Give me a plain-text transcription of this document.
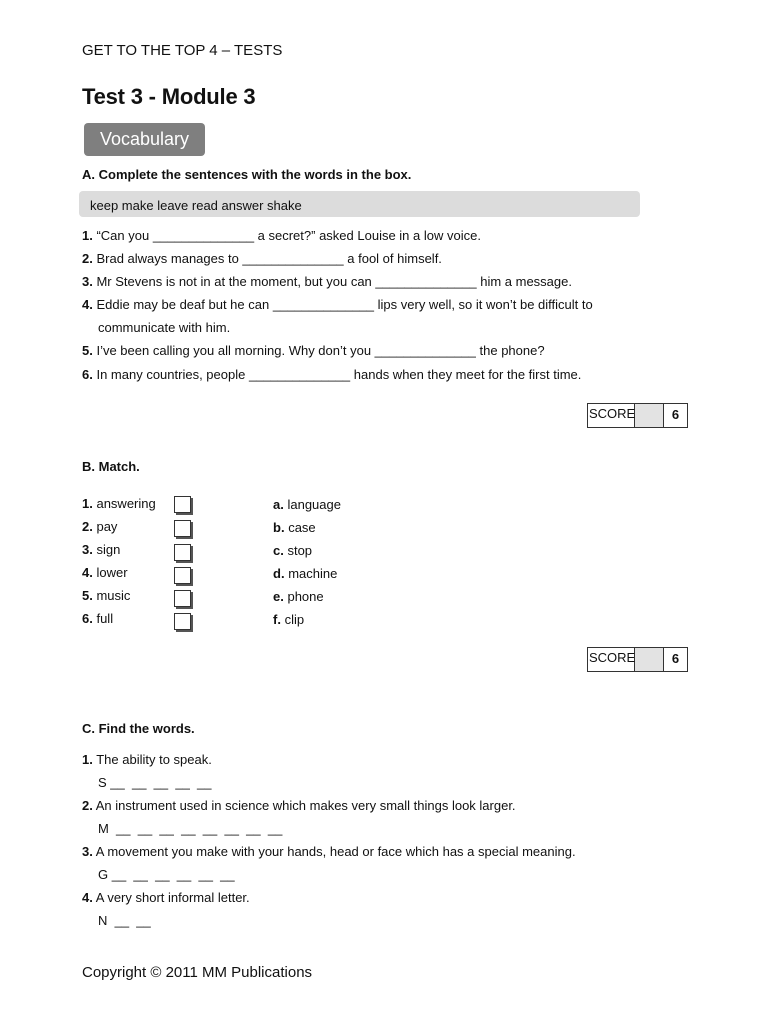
GET TO THE TOP 4 – TESTS
Test 3 - Module 3
Vocabulary
A. Complete the sentences with the words in the box.
keep make leave read answer shake
1. “Can you ______________ a secret?” asked Louise in a low voice.
2. Brad always manages to ______________ a fool of himself.
3. Mr Stevens is not in at the moment, but you can ______________ him a message.
4. Eddie may be deaf but he can ______________ lips very well, so it won’t be difficult to
communicate with him.
5. I’ve been calling you all morning. Why don’t you ______________ the phone?
6. In many countries, people ______________ hands when they meet for the first time.
SCORE	6
B. Match.
1. answering
2. pay
3. sign
4. lower
5. music
6. full
a. language
b. case
c. stop
d. machine
e. phone
f. clip
SCORE	6
C. Find the words.
1. The ability to speak.
S __  __  __  __  __
2. An instrument used in science which makes very small things look larger.
M  __  __  __  __  __  __  __  __
3. A movement you make with your hands, head or face which has a special meaning.
G __  __  __  __  __  __
4. A very short informal letter.
N  __  __
Copyright © 2011 MM Publications
